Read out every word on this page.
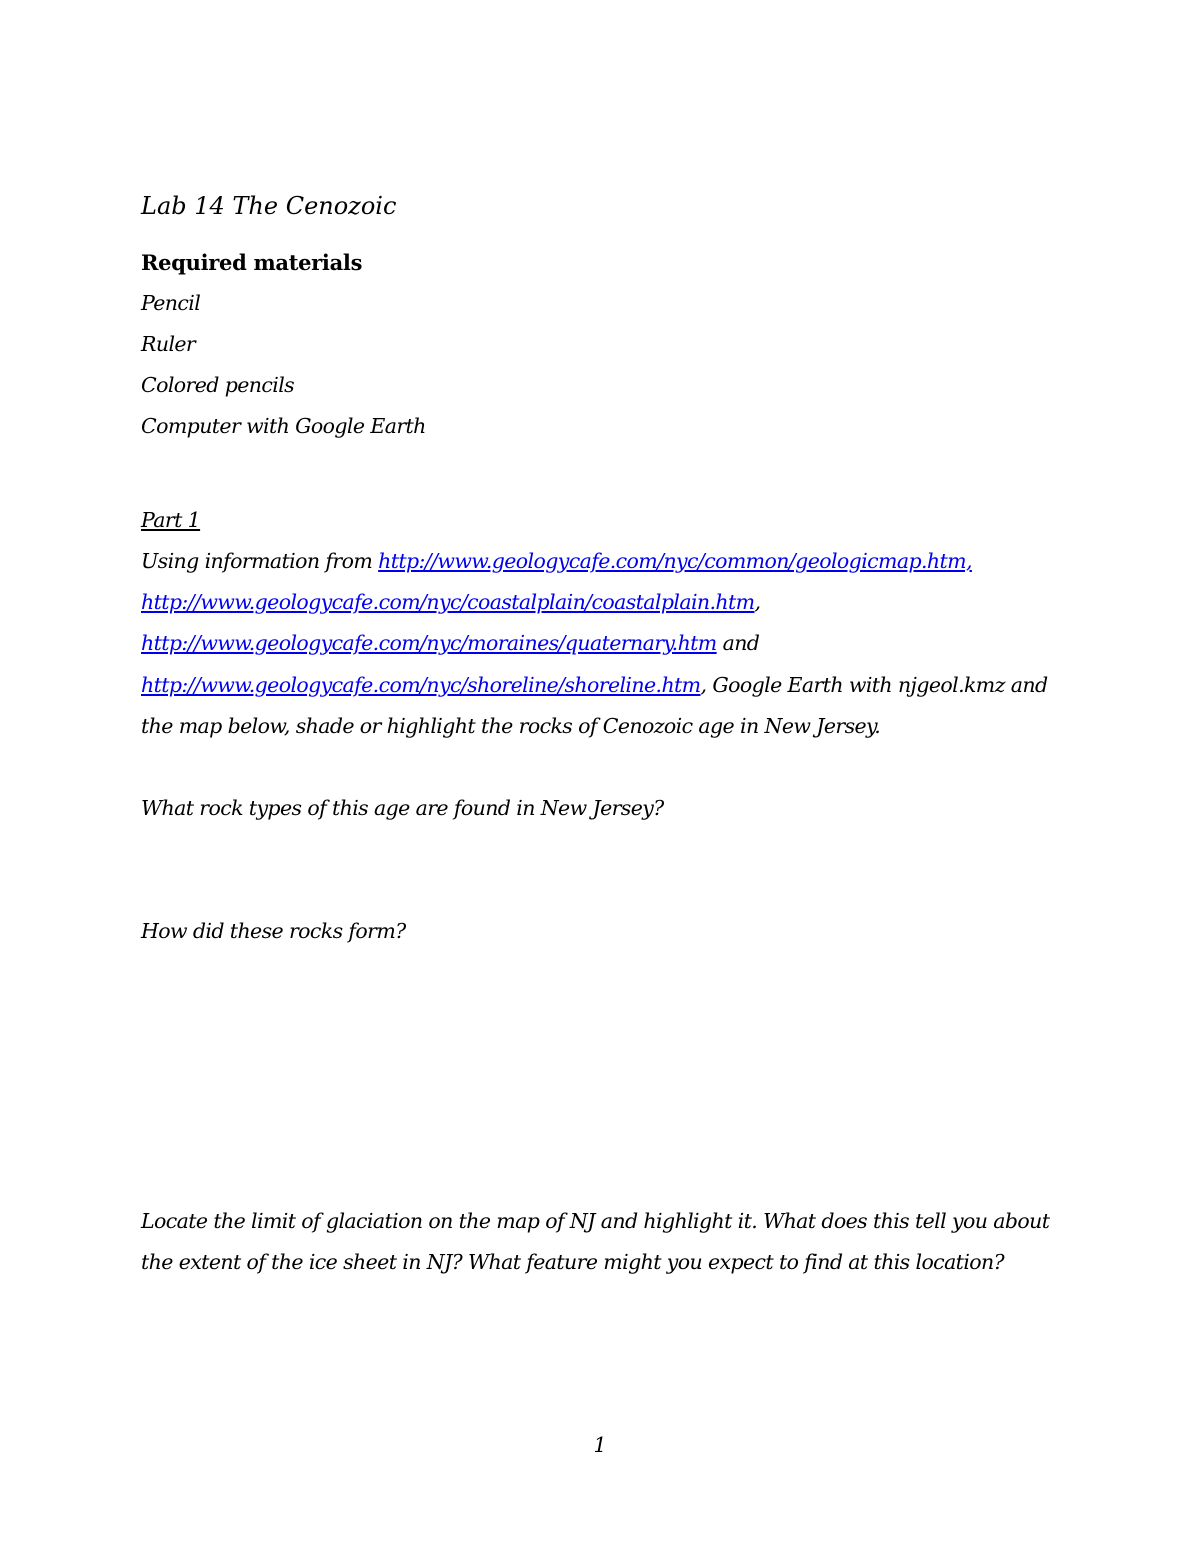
Lab 14 The Cenozoic
Required materials
Pencil
Ruler
Colored pencils
Computer with Google Earth
Part 1
Using information from http://www.geologycafe.com/nyc/common/geologicmap.htm,
http://www.geologycafe.com/nyc/coastalplain/coastalplain.htm,
http://www.geologycafe.com/nyc/moraines/quaternary.htm and
http://www.geologycafe.com/nyc/shoreline/shoreline.htm, Google Earth with njgeol.kmz and
the map below, shade or highlight the rocks of Cenozoic age in New Jersey.
What rock types of this age are found in New Jersey?
How did these rocks form?
Locate the limit of glaciation on the map of NJ and highlight it. What does this tell you about
the extent of the ice sheet in NJ? What feature might you expect to find at this location?
1
